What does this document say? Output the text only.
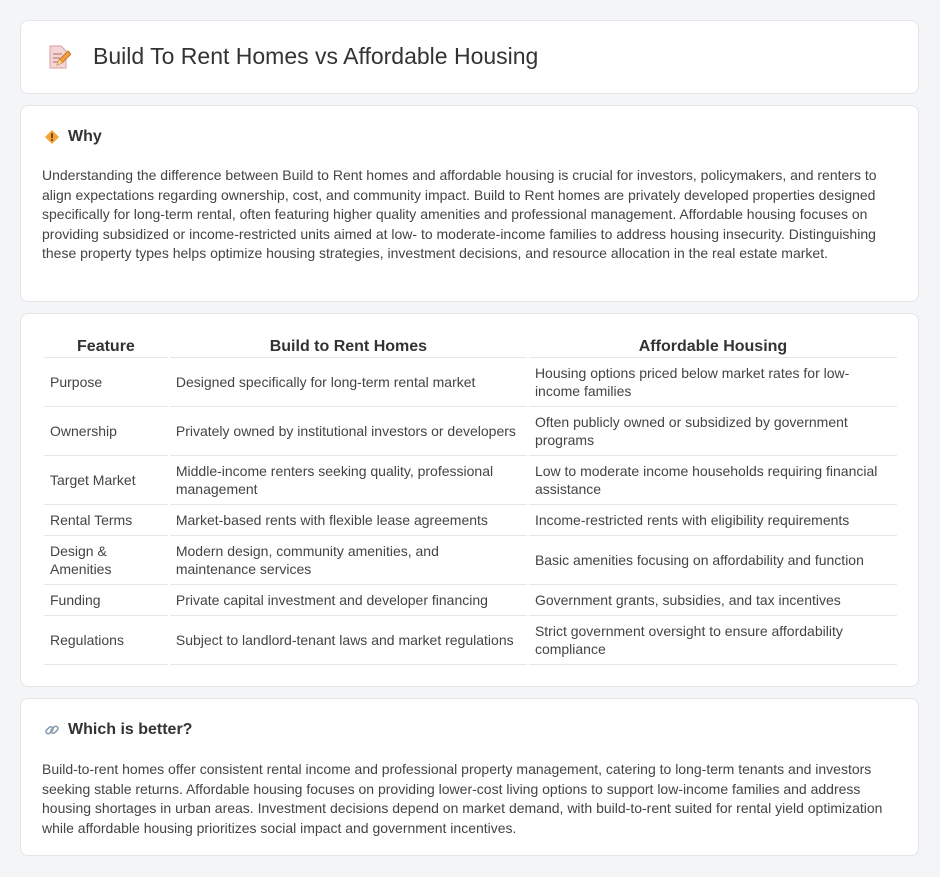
Build To Rent Homes vs Affordable Housing
Why

Understanding the difference between Build to Rent homes and affordable housing is crucial for investors, policymakers, and renters to align expectations regarding ownership, cost, and community impact. Build to Rent homes are privately developed properties designed specifically for long-term rental, often featuring higher quality amenities and professional management. Affordable housing focuses on providing subsidized or income-restricted units aimed at low- to moderate-income families to address housing insecurity. Distinguishing these property types helps optimize housing strategies, investment decisions, and resource allocation in the real estate market.

Feature	Build to Rent Homes	Affordable Housing
Purpose	Designed specifically for long-term rental market	Housing options priced below market rates for low-income families
Ownership	Privately owned by institutional investors or developers	Often publicly owned or subsidized by government programs
Target Market	Middle-income renters seeking quality, professional management	Low to moderate income households requiring financial assistance
Rental Terms	Market-based rents with flexible lease agreements	Income-restricted rents with eligibility requirements
Design & Amenities	Modern design, community amenities, and maintenance services	Basic amenities focusing on affordability and function
Funding	Private capital investment and developer financing	Government grants, subsidies, and tax incentives
Regulations	Subject to landlord-tenant laws and market regulations	Strict government oversight to ensure affordability compliance
Which is better?

Build-to-rent homes offer consistent rental income and professional property management, catering to long-term tenants and investors seeking stable returns. Affordable housing focuses on providing lower-cost living options to support low-income families and address housing shortages in urban areas. Investment decisions depend on market demand, with build-to-rent suited for rental yield optimization while affordable housing prioritizes social impact and government incentives.
